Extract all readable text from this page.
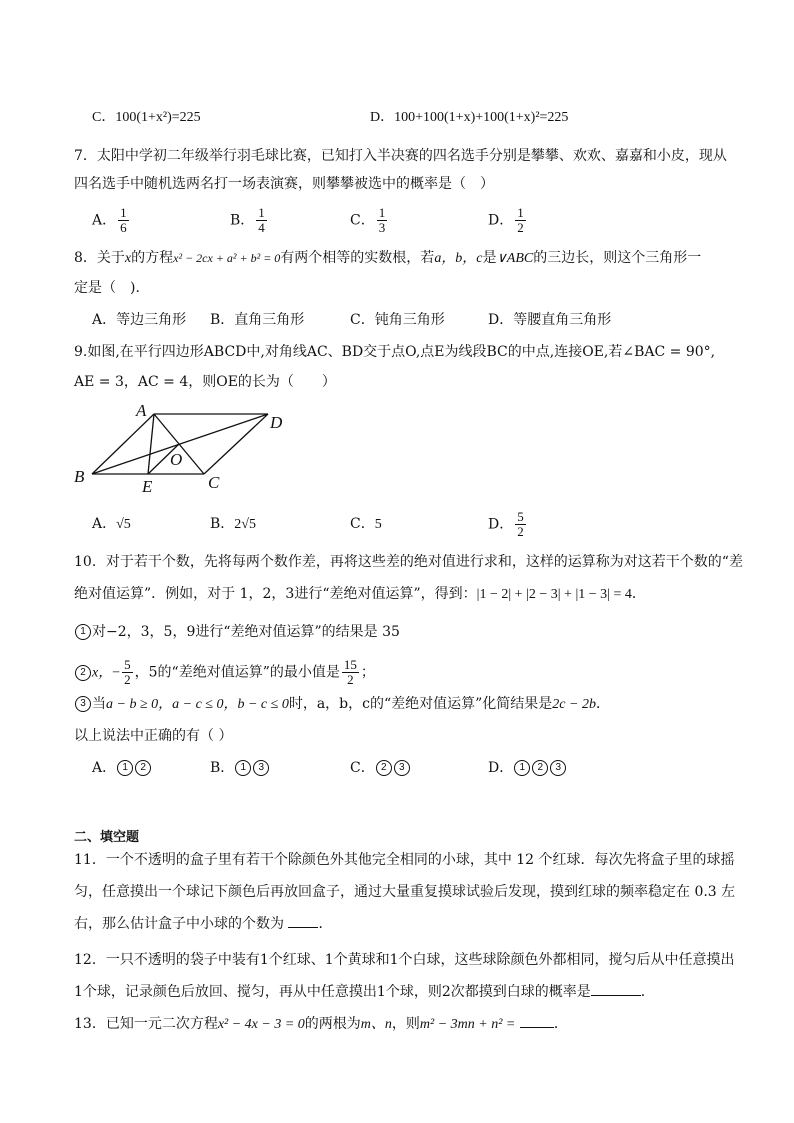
C．100(1+x²)=225	D．100+100(1+x)+100(1+x)²=225
7．太阳中学初二年级举行羽毛球比赛，已知打入半决赛的四名选手分别是攀攀、欢欢、嘉嘉和小皮，现从
四名选手中随机选两名打一场表演赛，则攀攀被选中的概率是（　）
A． $\frac{1}{6}$	B． $\frac{1}{4}$	C． $\frac{1}{3}$	D． $\frac{1}{2}$
8．关于x的方程x² − 2cx + a² + b² = 0有两个相等的实数根，若a，b，c是∨ABC的三边长，则这个三角形一
定是（　).
A．等边三角形 B．直角三角形	C．钝角三角形	D．等腰直角三角形
9.如图,在平行四边形ABCD中,对角线AC、BD交于点O,点E为线段BC的中点,连接OE,若∠BAC = 90°,
AE = 3，AC = 4，则OE的长为（　　）
A
B	C
D
E
O
A．√5	B．2√5	C．5	D． $\frac{5}{2}$
10．对于若干个数，先将每两个数作差，再将这些差的绝对值进行求和，这样的运算称为对这若干个数的“差
绝对值运算”．例如，对于 1，2，3进行“差绝对值运算”，得到：|1 − 2| + |2 − 3| + |1 − 3| = 4．
1 对−2，3，5，9进行“差绝对值运算”的结果是 35
2 x，− $\frac{5}{2}$ ，5的“差绝对值运算”的最小值是 $\frac{15}{2}$ ；
3 当a − b ≥ 0，a − c ≤ 0，b − c ≤ 0时，a，b，c的“差绝对值运算”化简结果是2c − 2b．
以上说法中正确的有（ ）
A． 1 2	B． 1 3	C． 2 3	D． 1 2 3
二、填空题
11．一个不透明的盒子里有若干个除颜色外其他完全相同的小球，其中 12 个红球．每次先将盒子里的球摇
匀，任意摸出一个球记下颜色后再放回盒子，通过大量重复摸球试验后发现，摸到红球的频率稳定在 0.3 左
右，那么估计盒子中小球的个数为 ．
12．一只不透明的袋子中装有1个红球、1个黄球和1个白球，这些球除颜色外都相同，搅匀后从中任意摸出
1个球，记录颜色后放回、搅匀，再从中任意摸出1个球，则2次都摸到白球的概率是	．
13．已知一元二次方程x² − 4x − 3 = 0的两根为m、n，则m² − 3mn + n² =	．
